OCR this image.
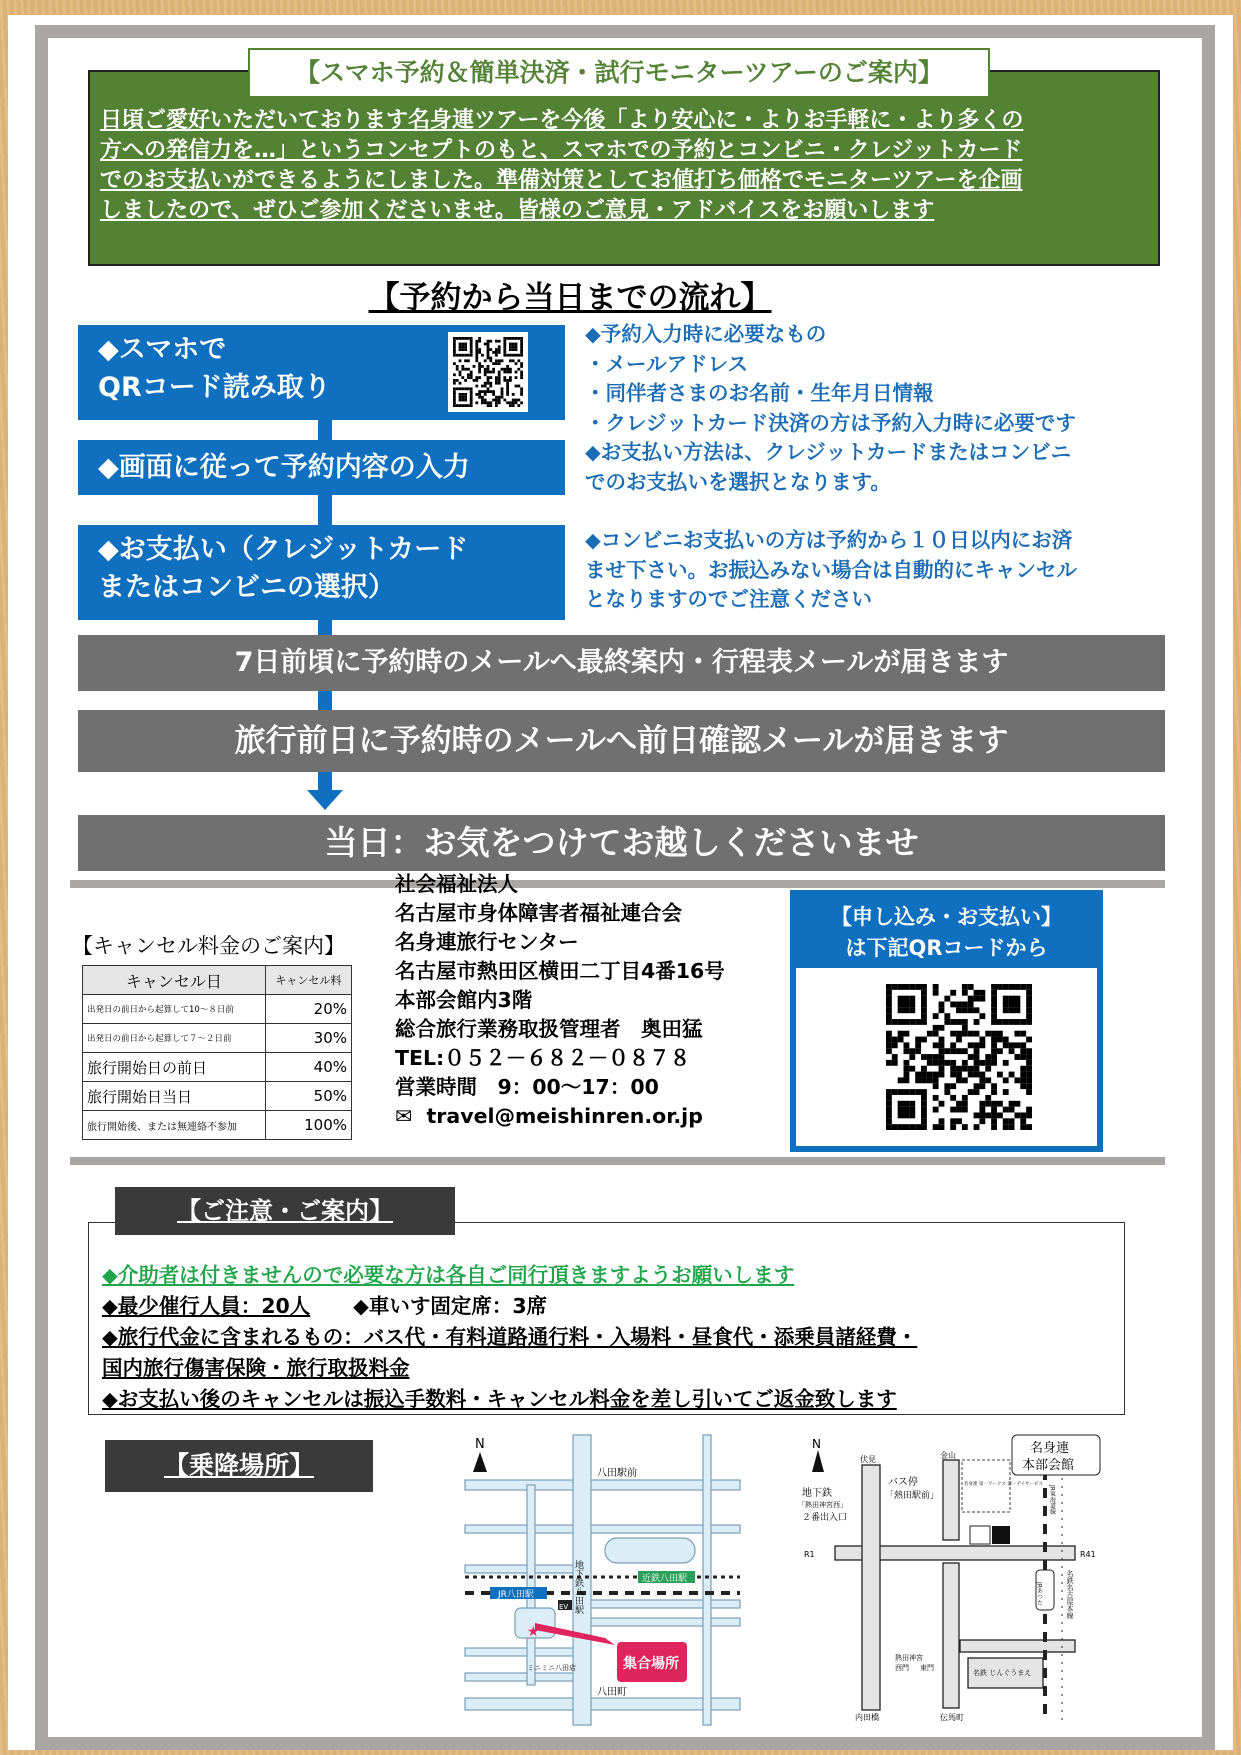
【スマホ予約＆簡単決済・試行モニターツアーのご案内】
日頃ご愛好いただいております名身連ツアーを今後「より安心に・よりお手軽に・より多くの
方への発信力を…」というコンセプトのもと、スマホでの予約とコンビニ・クレジットカード
でのお支払いができるようにしました。準備対策としてお値打ち価格でモニターツアーを企画
しましたので、ぜひご参加くださいませ。皆様のご意見・アドバイスをお願いします
【予約から当日までの流れ】
◆スマホで
QRコード読み取り
◆画面に従って予約内容の入力
◆お支払い（クレジットカード
またはコンビニの選択）
◆予約入力時に必要なもの
・メールアドレス
・同伴者さまのお名前・生年月日情報
・クレジットカード決済の方は予約入力時に必要です
◆お支払い方法は、クレジットカードまたはコンビニ
でのお支払いを選択となります。
◆コンビニお支払いの方は予約から１０日以内にお済
ませ下さい。お振込みない場合は自動的にキャンセル
となりますのでご注意ください
7日前頃に予約時のメールへ最終案内・行程表メールが届きます
旅行前日に予約時のメールへ前日確認メールが届きます
当日：お気をつけてお越しくださいませ
【キャンセル料金のご案内】
キャンセル日	キャンセル料
出発日の前日から起算して10～８日前	20%
出発日の前日から起算して７～２日前	30%
旅行開始日の前日	40%
旅行開始日当日	50%
旅行開始後、または無連絡不参加	100%
社会福祉法人
名古屋市身体障害者福祉連合会
名身連旅行センター
名古屋市熱田区横田二丁目4番16号
本部会館内3階
総合旅行業務取扱管理者　奥田猛
TEL:０５２－６８２－０８７８
営業時間　9：00～17：00
✉ travel@meishinren.or.jp
【申し込み・お支払い】
は下記QRコードから
【ご注意・ご案内】
◆介助者は付きませんので必要な方は各自ご同行頂きますようお願いします
◆最少催行人員：20人 ◆車いす固定席：3席
◆旅行代金に含まれるもの：バス代・有料道路通行料・入場料・昼食代・添乗員諸経費・
国内旅行傷害保険・旅行取扱料金
◆お支払い後のキャンセルは振込手数料・キャンセル料金を差し引いてご返金致します
【乗降場所】
N
八田駅前
地下鉄八田駅	近鉄八田駅
JR八田駅
EV
ミニミニ八田店
八田町
★
集合場所
N
伏見	金山
地下鉄
「熱田神宮西」
２番出入口
バス停
「熱田駅前」
名身連 第一ワークス 第一デイサービス
R1	R41
JRあつた
JR東海道線
名鉄名古屋本線
熱田神宮
西門 東門
名鉄 じんぐうまえ
内田橋	伝馬町
名身連
本部会館
